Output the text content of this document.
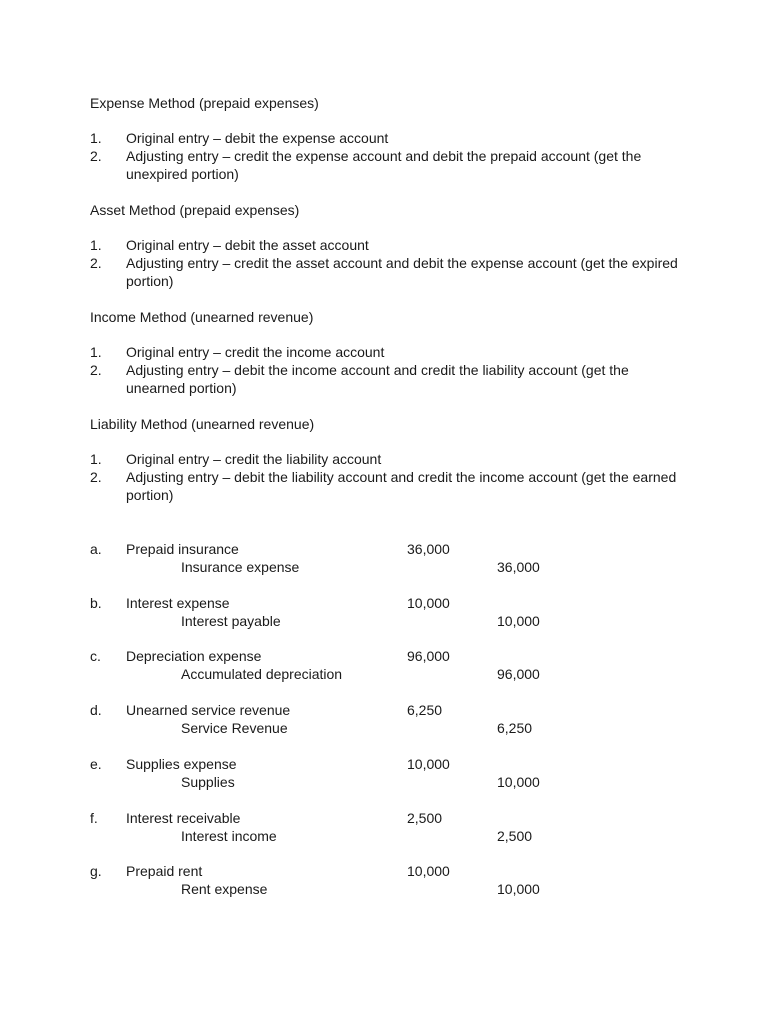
Expense Method (prepaid expenses)
1. Original entry – debit the expense account
2. Adjusting entry – credit the expense account and debit the prepaid account (get the unexpired portion)
Asset Method (prepaid expenses)
1. Original entry – debit the asset account
2. Adjusting entry – credit the asset account and debit the expense account (get the expired portion)
Income Method (unearned revenue)
1. Original entry – credit the income account
2. Adjusting entry – debit the income account and credit the liability account (get the unearned portion)
Liability Method (unearned revenue)
1. Original entry – credit the liability account
2. Adjusting entry – debit the liability account and credit the income account (get the earned portion)
a. Prepaid insurance	36,000
Insurance expense	36,000
b. Interest expense	10,000
Interest payable	10,000
c. Depreciation expense	96,000
Accumulated depreciation	96,000
d. Unearned service revenue	6,250
Service Revenue	6,250
e. Supplies expense	10,000
Supplies	10,000
f. Interest receivable	2,500
Interest income	2,500
g. Prepaid rent	10,000
Rent expense	10,000
